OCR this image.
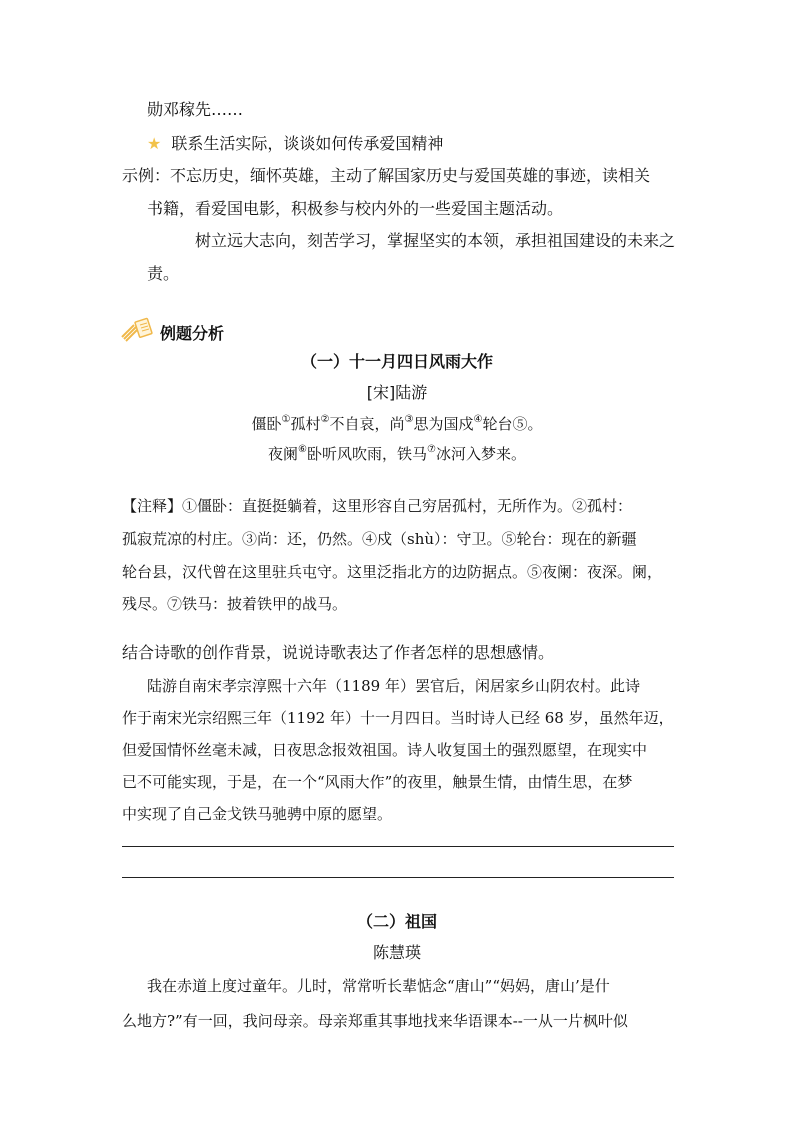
勋邓稼先……
★ 联系生活实际，谈谈如何传承爱国精神
示例：不忘历史，缅怀英雄，主动了解国家历史与爱国英雄的事迹，读相关
书籍，看爱国电影，积极参与校内外的一些爱国主题活动。
树立远大志向，刻苦学习，掌握坚实的本领，承担祖国建设的未来之
责。
例题分析
（一）十一月四日风雨大作
[宋]陆游
僵卧①孤村②不自哀，尚③思为国戍④轮台⑤。
夜阑⑥卧听风吹雨，铁马⑦冰河入梦来。
【注释】①僵卧：直挺挺躺着，这里形容自己穷居孤村，无所作为。②孤村：
孤寂荒凉的村庄。③尚：还，仍然。④戍（shù）：守卫。⑤轮台：现在的新疆
轮台县，汉代曾在这里驻兵屯守。这里泛指北方的边防据点。⑤夜阑：夜深。阑，
残尽。⑦铁马：披着铁甲的战马。
结合诗歌的创作背景，说说诗歌表达了作者怎样的思想感情。
陆游自南宋孝宗淳熙十六年（1189 年）罢官后，闲居家乡山阴农村。此诗
作于南宋光宗绍熙三年（1192 年）十一月四日。当时诗人已经 68 岁，虽然年迈，
但爱国情怀丝毫未减，日夜思念报效祖国。诗人收复国土的强烈愿望，在现实中
已不可能实现，于是，在一个“风雨大作”的夜里，触景生情，由情生思，在梦
中实现了自己金戈铁马驰骋中原的愿望。
（二）祖国
陈慧瑛
我在赤道上度过童年。儿时，常常听长辈惦念“唐山”“妈妈，唐山’是什
么地方?”有一回，我问母亲。母亲郑重其事地找来华语课本--一从一片枫叶似
